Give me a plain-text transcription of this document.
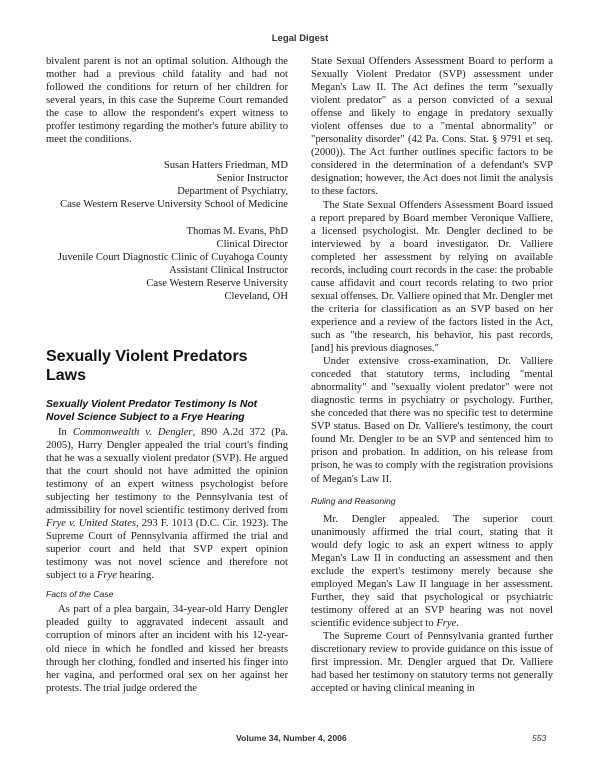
Legal Digest

bivalent parent is not an optimal solution. Although the mother had a previous child fatality and had not followed the conditions for return of her children for several years, in this case the Supreme Court remanded the case to allow the respondent's expert witness to proffer testimony regarding the mother's future ability to meet the conditions.

Susan Hatters Friedman, MD

Senior Instructor

Department of Psychiatry,

Case Western Reserve University School of Medicine

Thomas M. Evans, PhD

Clinical Director

Juvenile Court Diagnostic Clinic of Cuyahoga County

Assistant Clinical Instructor

Case Western Reserve University

Cleveland, OH

Sexually Violent Predators Laws
Sexually Violent Predator Testimony Is Not Novel Science Subject to a Frye Hearing

In Commonwealth v. Dengler, 890 A.2d 372 (Pa. 2005), Harry Dengler appealed the trial court's finding that he was a sexually violent predator (SVP). He argued that the court should not have admitted the opinion testimony of an expert witness psychologist before subjecting her testimony to the Pennsylvania test of admissibility for novel scientific testimony derived from Frye v. United States, 293 F. 1013 (D.C. Cir. 1923). The Supreme Court of Pennsylvania affirmed the trial and superior court and held that SVP expert opinion testimony was not novel science and therefore not subject to a Frye hearing.

Facts of the Case

As part of a plea bargain, 34-year-old Harry Dengler pleaded guilty to aggravated indecent assault and corruption of minors after an incident with his 12-year-old niece in which he fondled and kissed her breasts through her clothing, fondled and inserted his finger into her vagina, and performed oral sex on her against her protests. The trial judge ordered the

State Sexual Offenders Assessment Board to perform a Sexually Violent Predator (SVP) assessment under Megan's Law II. The Act defines the term "sexually violent predator" as a person convicted of a sexual offense and likely to engage in predatory sexually violent offenses due to a "mental abnormality" or "personality disorder" (42 Pa. Cons. Stat. § 9791 et seq. (2000)). The Act further outlines specific factors to be considered in the determination of a defendant's SVP designation; however, the Act does not limit the analysis to these factors.

The State Sexual Offenders Assessment Board issued a report prepared by Board member Veronique Valliere, a licensed psychologist. Mr. Dengler declined to be interviewed by a board investigator. Dr. Valliere completed her assessment by relying on available records, including court records in the case: the probable cause affidavit and court records relating to two prior sexual offenses. Dr. Valliere opined that Mr. Dengler met the criteria for classification as an SVP based on her experience and a review of the factors listed in the Act, such as "the research, his behavior, his past records, [and] his previous diagnoses."

Under extensive cross-examination, Dr. Valliere conceded that statutory terms, including "mental abnormality" and "sexually violent predator" were not diagnostic terms in psychiatry or psychology. Further, she conceded that there was no specific test to determine SVP status. Based on Dr. Valliere's testimony, the court found Mr. Dengler to be an SVP and sentenced him to prison and probation. In addition, on his release from prison, he was to comply with the registration provisions of Megan's Law II.

Ruling and Reasoning

Mr. Dengler appealed. The superior court unanimously affirmed the trial court, stating that it would defy logic to ask an expert witness to apply Megan's Law II in conducting an assessment and then exclude the expert's testimony merely because she employed Megan's Law II language in her assessment. Further, they said that psychological or psychiatric testimony offered at an SVP hearing was not novel scientific evidence subject to Frye.

The Supreme Court of Pennsylvania granted further discretionary review to provide guidance on this issue of first impression. Mr. Dengler argued that Dr. Valliere had based her testimony on statutory terms not generally accepted or having clinical meaning in

Volume 34, Number 4, 2006	553
